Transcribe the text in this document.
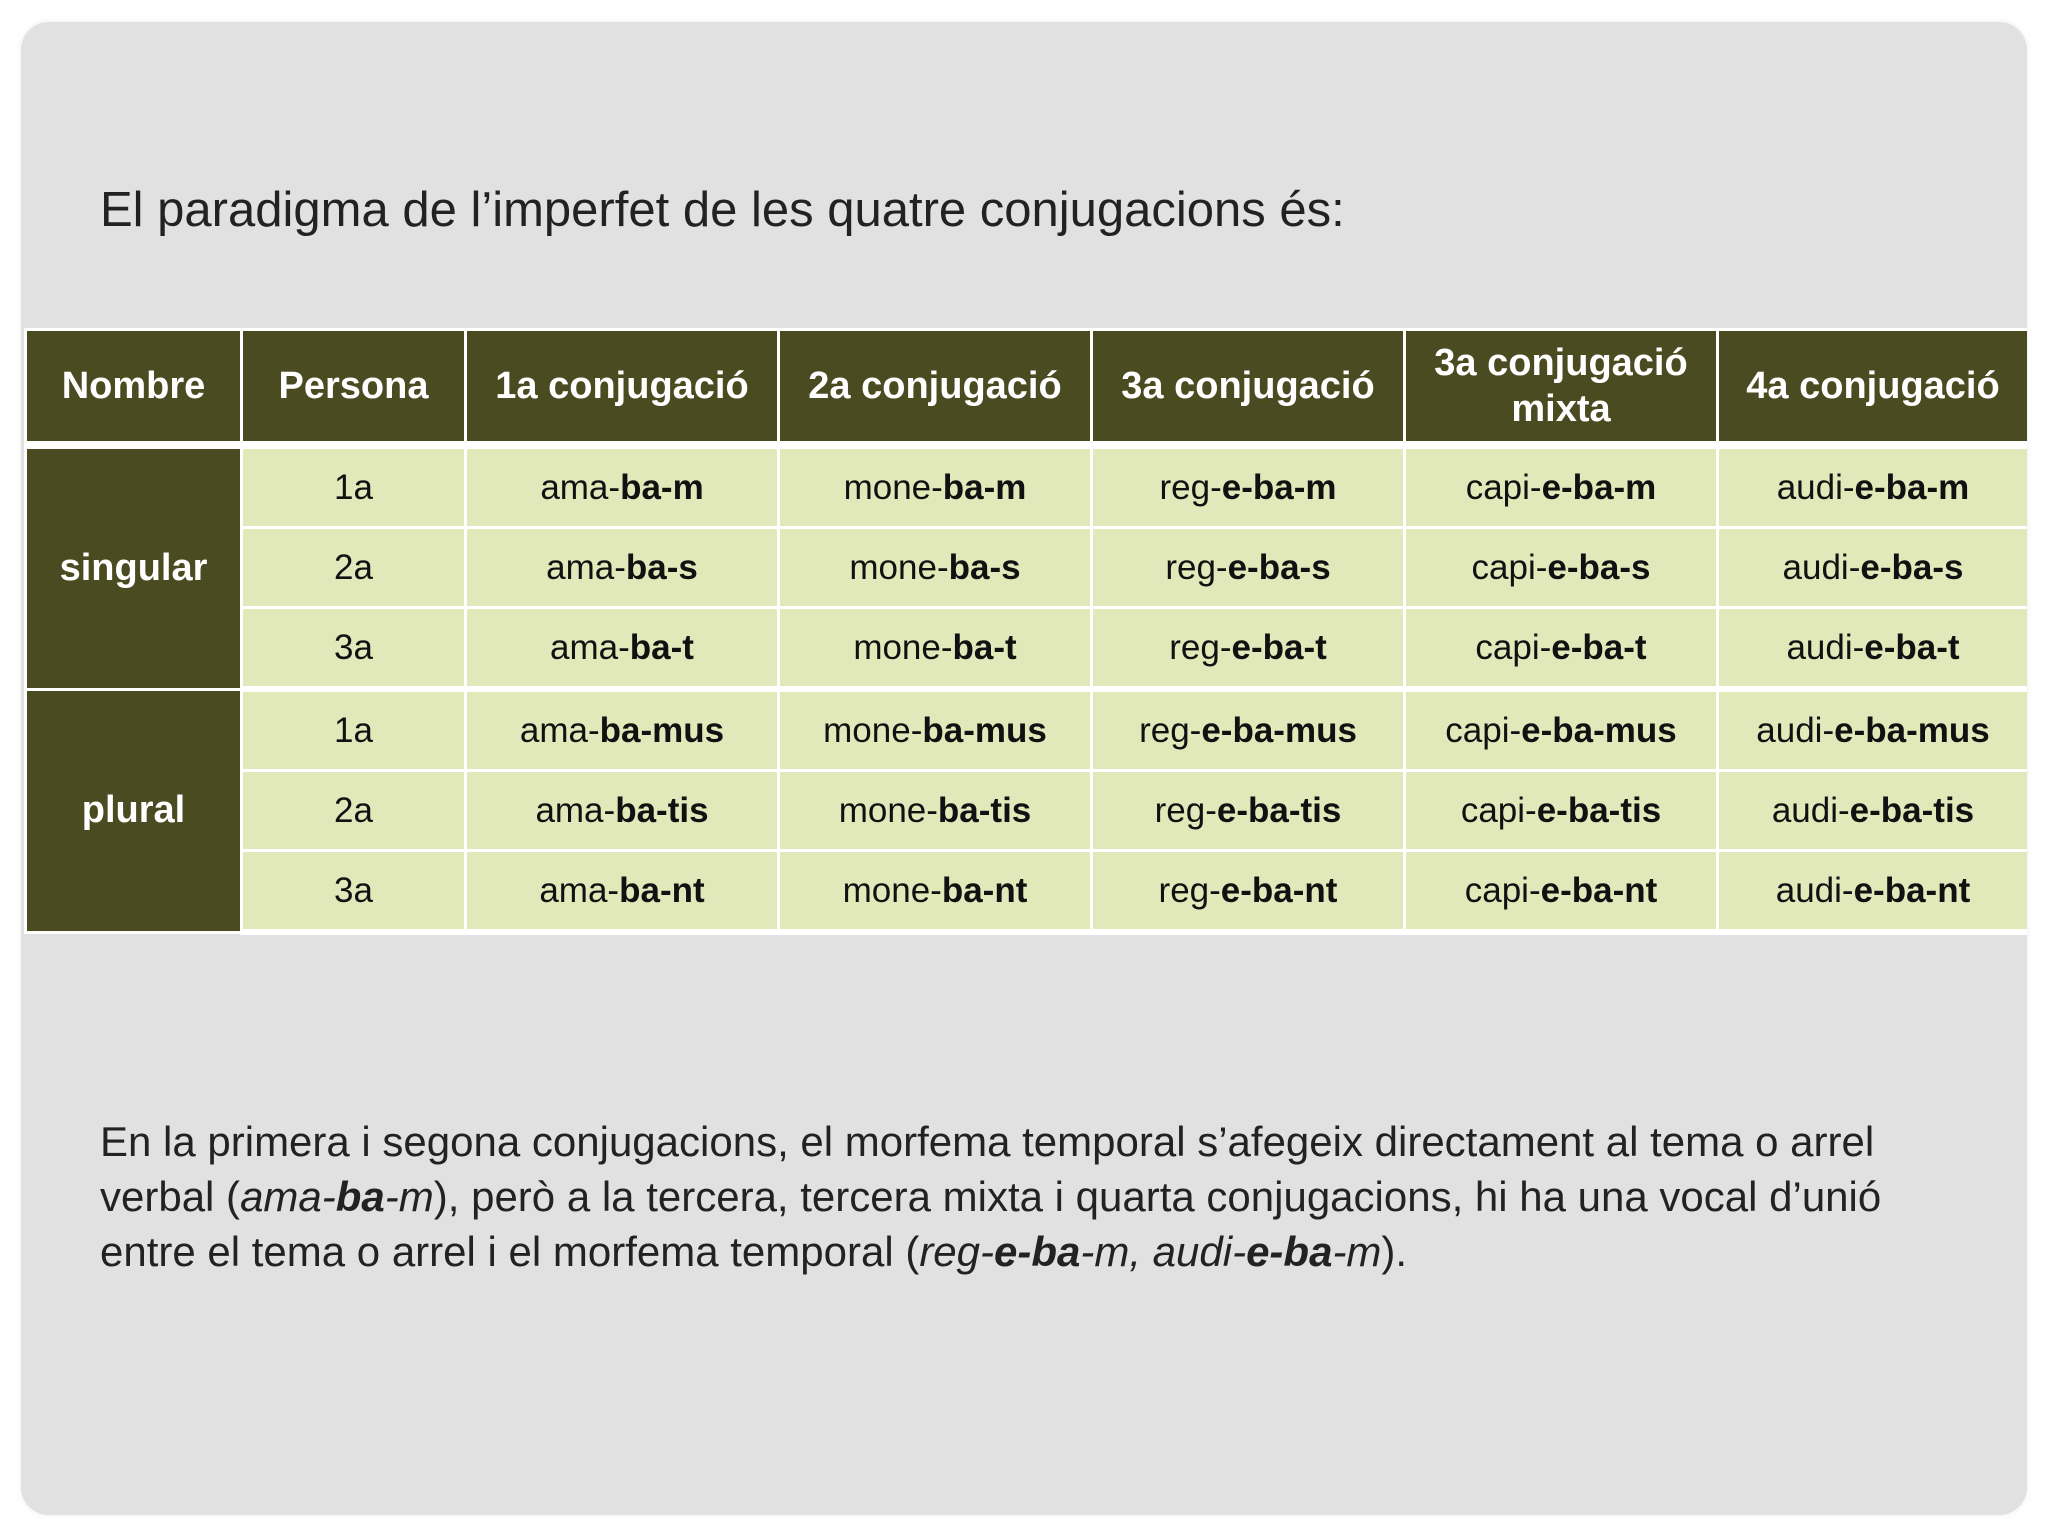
El paradigma de l’imperfet de les quatre conjugacions és:
Nombre	Persona	1a conjugació	2a conjugació	3a conjugació	3a conjugació mixta	4a conjugació
singular	1a	ama-ba-m	mone-ba-m	reg-e-ba-m	capi-e-ba-m	audi-e-ba-m
	2a	ama-ba-s	mone-ba-s	reg-e-ba-s	capi-e-ba-s	audi-e-ba-s
	3a	ama-ba-t	mone-ba-t	reg-e-ba-t	capi-e-ba-t	audi-e-ba-t
plural	1a	ama-ba-mus	mone-ba-mus	reg-e-ba-mus	capi-e-ba-mus	audi-e-ba-mus
	2a	ama-ba-tis	mone-ba-tis	reg-e-ba-tis	capi-e-ba-tis	audi-e-ba-tis
	3a	ama-ba-nt	mone-ba-nt	reg-e-ba-nt	capi-e-ba-nt	audi-e-ba-nt
En la primera i segona conjugacions, el morfema temporal s’afegeix directament al tema o arrel verbal (ama-ba-m), però a la tercera, tercera mixta i quarta conjugacions, hi ha una vocal d’unió entre el tema o arrel i el morfema temporal (reg-e-ba-m, audi-e-ba-m).
